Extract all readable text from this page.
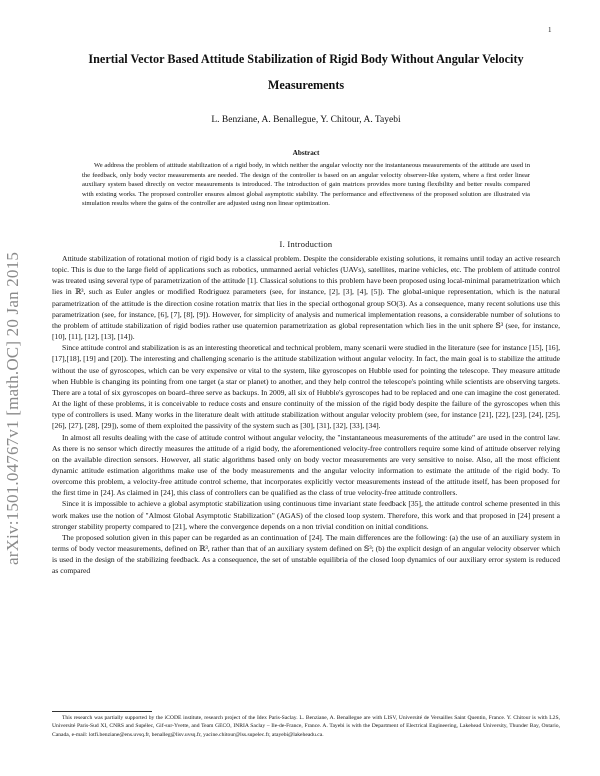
1
arXiv:1501.04767v1 [math.OC] 20 Jan 2015
Inertial Vector Based Attitude Stabilization of Rigid Body Without Angular Velocity Measurements
L. Benziane, A. Benallegue, Y. Chitour, A. Tayebi
Abstract

We address the problem of attitude stabilization of a rigid body, in which neither the angular velocity nor the instantaneous measurements of the attitude are used in the feedback, only body vector measurements are needed. The design of the controller is based on an angular velocity observer-like system, where a first order linear auxiliary system based directly on vector measurements is introduced. The introduction of gain matrices provides more tuning flexibility and better results compared with existing works. The proposed controller ensures almost global asymptotic stability. The performance and effectiveness of the proposed solution are illustrated via simulation results where the gains of the controller are adjusted using non linear optimization.

I. Introduction

Attitude stabilization of rotational motion of rigid body is a classical problem. Despite the considerable existing solutions, it remains until today an active research topic. This is due to the large field of applications such as robotics, unmanned aerial vehicles (UAVs), satellites, marine vehicles, etc. The problem of attitude control was treated using several type of parametrization of the attitude [1]. Classical solutions to this problem have been proposed using local-minimal parametrization which lies in ℝ³, such as Euler angles or modified Rodriguez parameters (see, for instance, [2], [3], [4], [5]). The global-unique representation, which is the natural parametrization of the attitude is the direction cosine rotation matrix that lies in the special orthogonal group SO(3). As a consequence, many recent solutions use this parametrization (see, for instance, [6], [7], [8], [9]). However, for simplicity of analysis and numerical implementation reasons, a considerable number of solutions to the problem of attitude stabilization of rigid bodies rather use quaternion parametrization as global representation which lies in the unit sphere 𝕊³ (see, for instance, [10], [11], [12], [13], [14]).

Since attitude control and stabilization is as an interesting theoretical and technical problem, many scenarii were studied in the literature (see for instance [15], [16], [17],[18], [19] and [20]). The interesting and challenging scenario is the attitude stabilization without angular velocity. In fact, the main goal is to stabilize the attitude without the use of gyroscopes, which can be very expensive or vital to the system, like gyroscopes on Hubble used for pointing the telescope. They measure attitude when Hubble is changing its pointing from one target (a star or planet) to another, and they help control the telescope's pointing while scientists are observing targets. There are a total of six gyroscopes on board–three serve as backups. In 2009, all six of Hubble's gyroscopes had to be replaced and one can imagine the cost generated. At the light of these problems, it is conceivable to reduce costs and ensure continuity of the mission of the rigid body despite the failure of the gyroscopes when this type of controllers is used. Many works in the literature dealt with attitude stabilization without angular velocity problem (see, for instance [21], [22], [23], [24], [25], [26], [27], [28], [29]), some of them exploited the passivity of the system such as [30], [31], [32], [33], [34].

In almost all results dealing with the case of attitude control without angular velocity, the "instantaneous measurements of the attitude" are used in the control law. As there is no sensor which directly measures the attitude of a rigid body, the aforementioned velocity-free controllers require some kind of attitude observer relying on the available direction sensors. However, all static algorithms based only on body vector measurements are very sensitive to noise. Also, all the most efficient dynamic attitude estimation algorithms make use of the body measurements and the angular velocity information to estimate the attitude of the rigid body. To overcome this problem, a velocity-free attitude control scheme, that incorporates explicitly vector measurements instead of the attitude itself, has been proposed for the first time in [24]. As claimed in [24], this class of controllers can be qualified as the class of true velocity-free attitude controllers.

Since it is impossible to achieve a global asymptotic stabilization using continuous time invariant state feedback [35], the attitude control scheme presented in this work makes use the notion of "Almost Global Asymptotic Stabilization" (AGAS) of the closed loop system. Therefore, this work and that proposed in [24] present a stronger stability property compared to [21], where the convergence depends on a non trivial condition on initial conditions.

The proposed solution given in this paper can be regarded as an continuation of [24]. The main differences are the following: (a) the use of an auxiliary system in terms of body vector measurements, defined on ℝ³, rather than that of an auxiliary system defined on 𝕊³; (b) the explicit design of an angular velocity observer which is used in the design of the stabilizing feedback. As a consequence, the set of unstable equilibria of the closed loop dynamics of our auxiliary error system is reduced as compared

This research was partially supported by the iCODE institute, research project of the Idex Paris-Saclay. L. Benziane, A. Benallegue are with LISV, Université de Versailles Saint Quentin, France. Y. Chitour is with L2S, Université Paris-Sud XI, CNRS and Supélec, Gif-sur-Yvette, and Team GECO, INRIA Saclay – Ile-de-France, France. A. Tayebi is with the Department of Electrical Engineering, Lakehead University, Thunder Bay, Ontario, Canada, e-mail: lotfi.benziane@ens.uvsq.fr, benalleg@lisv.uvsq.fr, yacine.chitour@lss.supelec.fr, atayebi@lakeheadu.ca.
